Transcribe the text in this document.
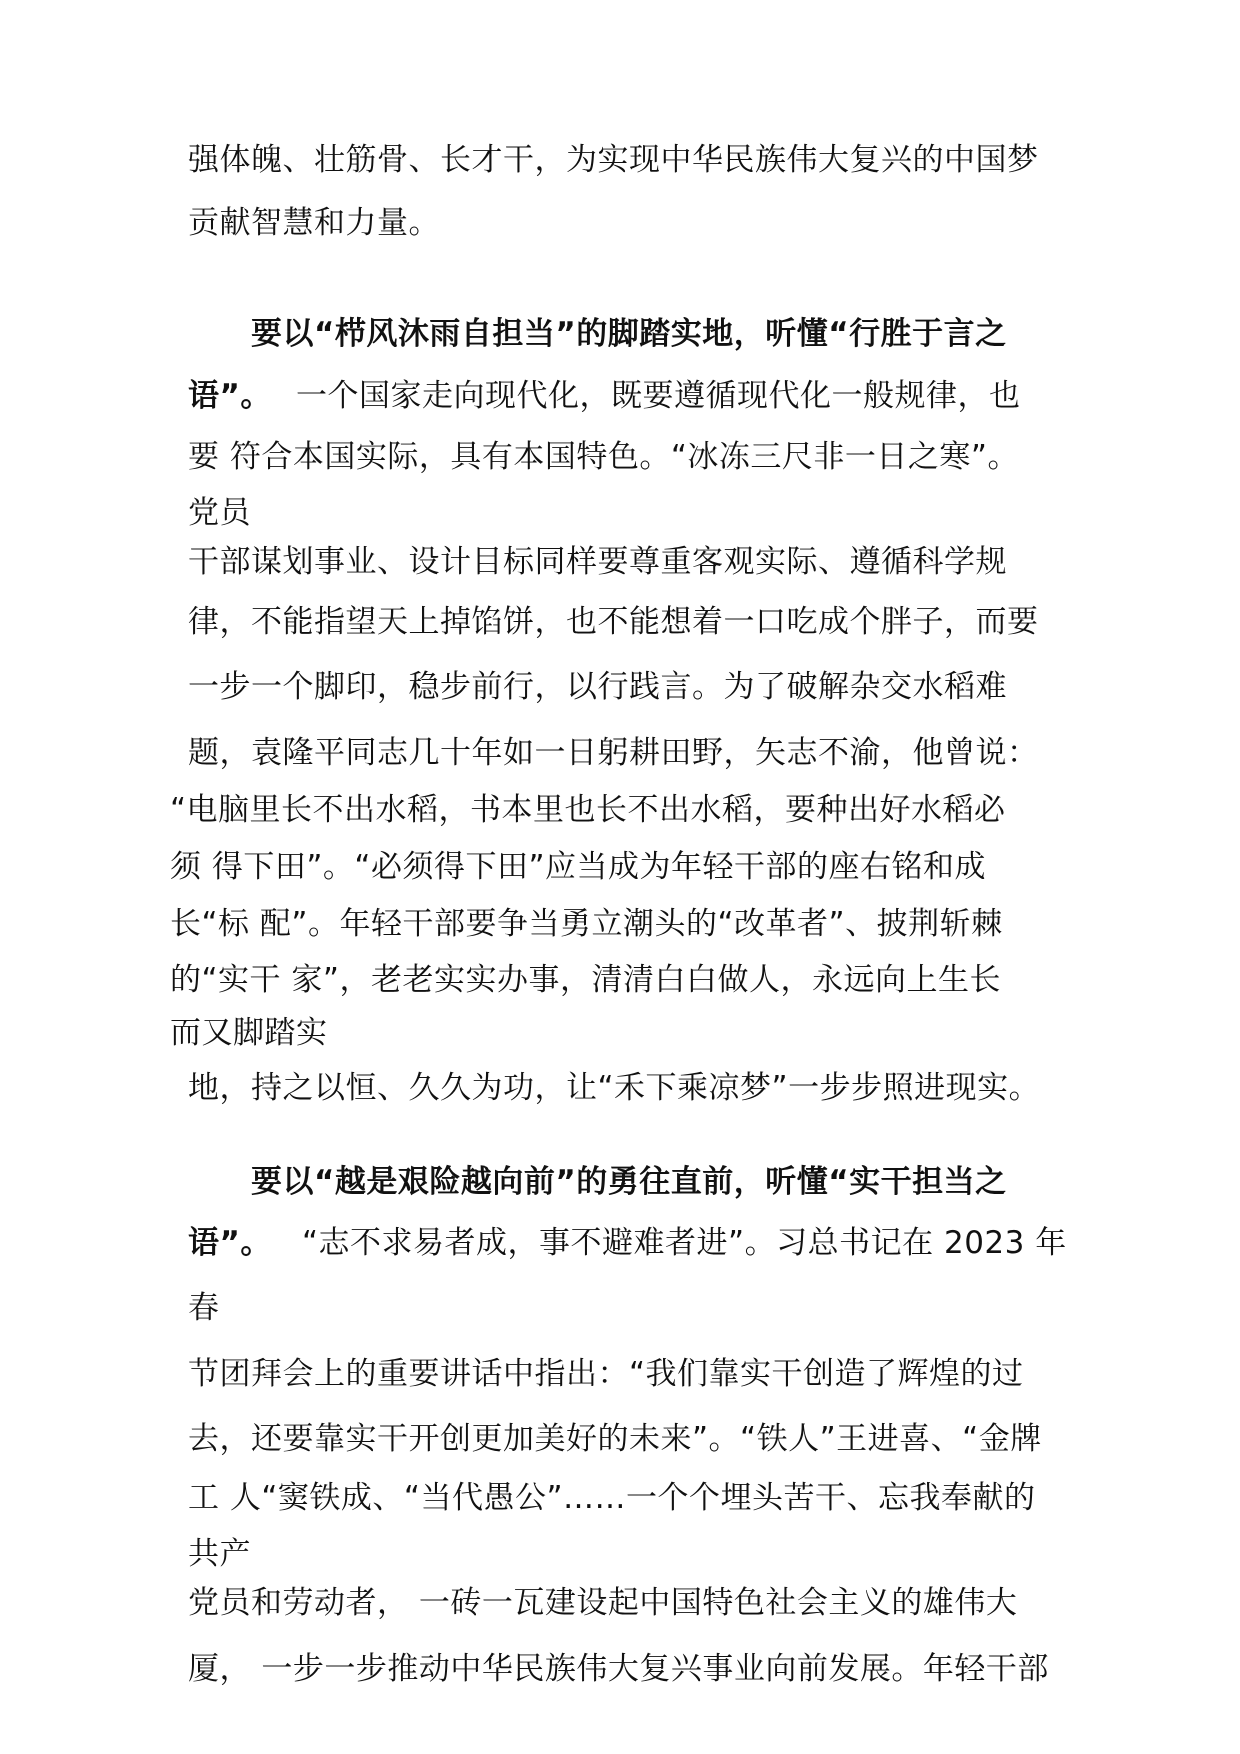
强体魄、壮筋骨、长才干，为实现中华民族伟大复兴的中国梦
贡献智慧和力量。
要以“栉风沐雨自担当”的脚踏实地，听懂“行胜于言之
语”。 一个国家走向现代化，既要遵循现代化一般规律，也
要 符合本国实际，具有本国特色。“冰冻三尺非一日之寒”。
党员
干部谋划事业、设计目标同样要尊重客观实际、遵循科学规
律，不能指望天上掉馅饼，也不能想着一口吃成个胖子，而要
一步一个脚印，稳步前行，以行践言。为了破解杂交水稻难
题，袁隆平同志几十年如一日躬耕田野，矢志不渝，他曾说：
“电脑里长不出水稻，书本里也长不出水稻，要种出好水稻必
须 得下田”。“必须得下田”应当成为年轻干部的座右铭和成
长“标 配”。年轻干部要争当勇立潮头的“改革者”、披荆斩棘
的“实干 家”，老老实实办事，清清白白做人，永远向上生长
而又脚踏实
地，持之以恒、久久为功，让“禾下乘凉梦”一步步照进现实。
要以“越是艰险越向前”的勇往直前，听懂“实干担当之
语”。 “志不求易者成，事不避难者进”。习总书记在 2023 年
春
节团拜会上的重要讲话中指出：“我们靠实干创造了辉煌的过
去，还要靠实干开创更加美好的未来”。“铁人”王进喜、“金牌
工 人“窦铁成、“当代愚公”……一个个埋头苦干、忘我奉献的
共产
党员和劳动者， 一砖一瓦建设起中国特色社会主义的雄伟大
厦， 一步一步推动中华民族伟大复兴事业向前发展。年轻干部
